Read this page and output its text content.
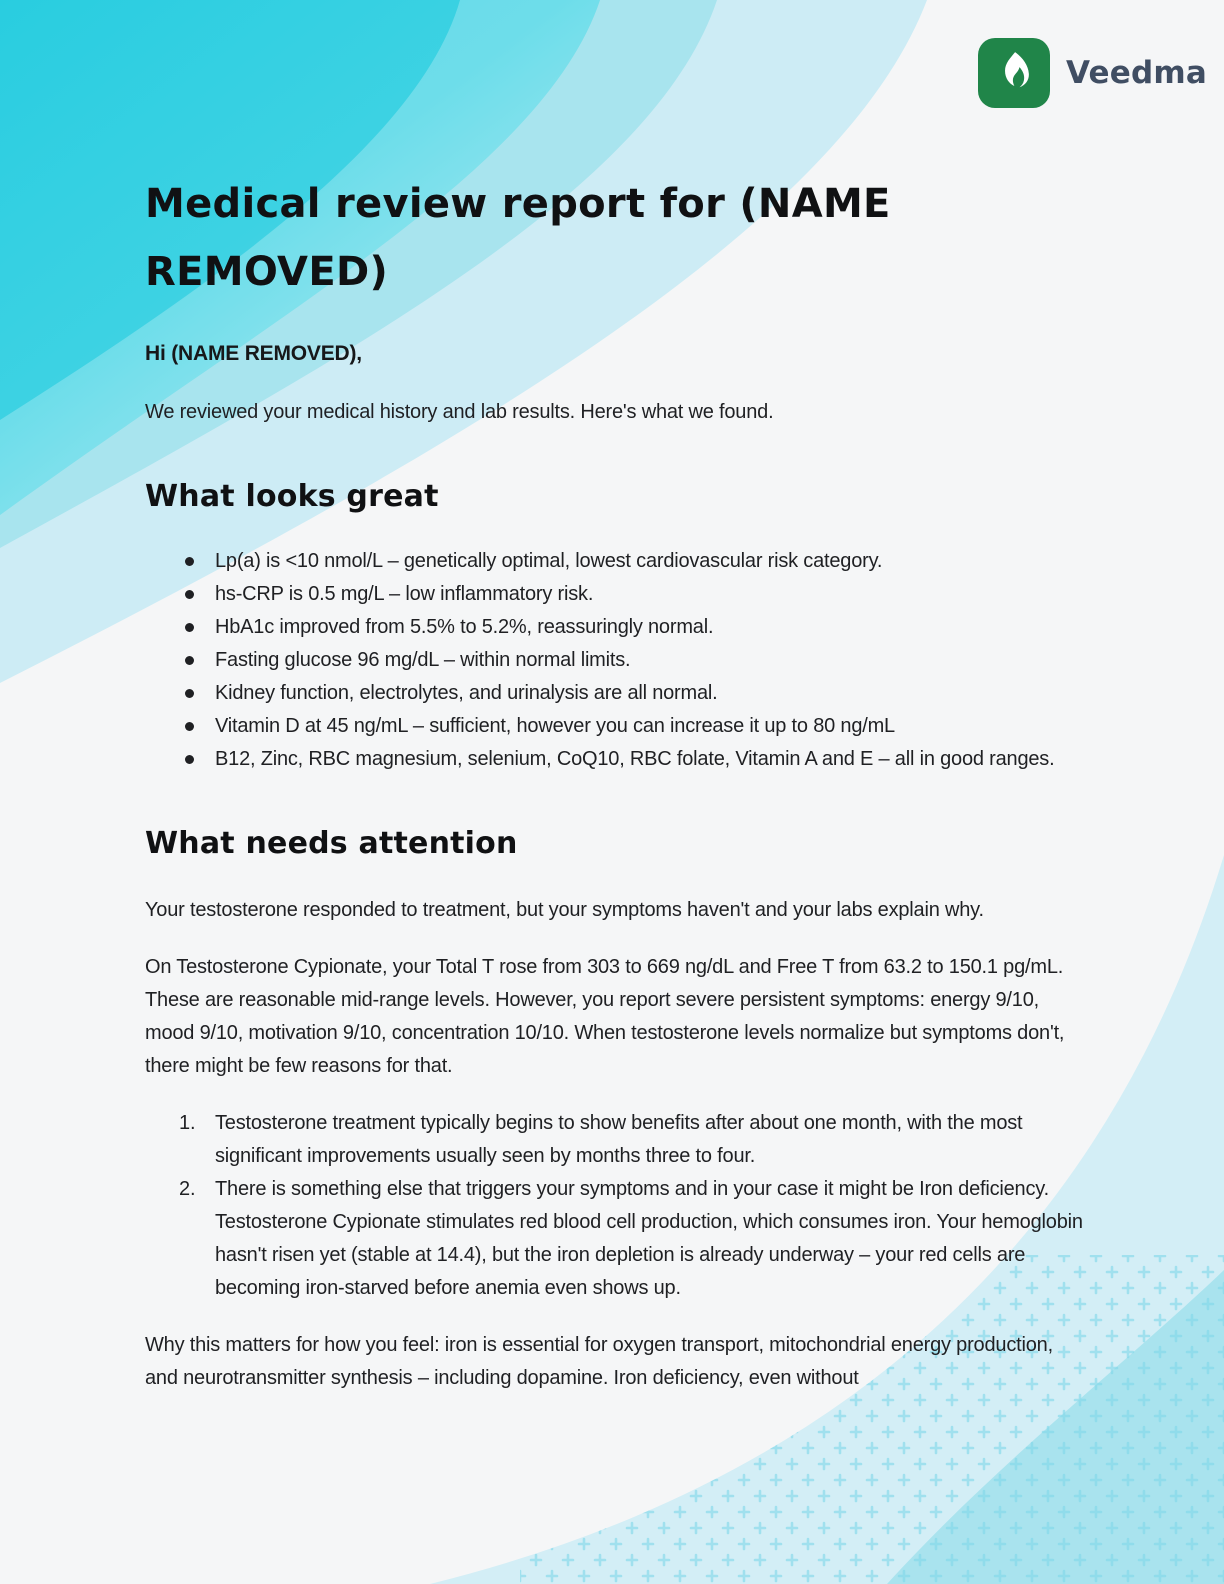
Veedma
Medical review report for (NAME
REMOVED)

Hi (NAME REMOVED),

We reviewed your medical history and lab results. Here's what we found.

What looks great
Lp(a) is <10 nmol/L – genetically optimal, lowest cardiovascular risk category.
hs-CRP is 0.5 mg/L – low inflammatory risk.
HbA1c improved from 5.5% to 5.2%, reassuringly normal.
Fasting glucose 96 mg/dL – within normal limits.
Kidney function, electrolytes, and urinalysis are all normal.
Vitamin D at 45 ng/mL – sufficient, however you can increase it up to 80 ng/mL
B12, Zinc, RBC magnesium, selenium, CoQ10, RBC folate, Vitamin A and E – all in good ranges.
What needs attention

Your testosterone responded to treatment, but your symptoms haven't and your labs explain why.

On Testosterone Cypionate, your Total T rose from 303 to 669 ng/dL and Free T from 63.2 to 150.1 pg/mL. These are reasonable mid-range levels. However, you report severe persistent symptoms: energy 9/10, mood 9/10, motivation 9/10, concentration 10/10. When testosterone levels normalize but symptoms don't, there might be few reasons for that.

Testosterone treatment typically begins to show benefits after about one month, with the most significant improvements usually seen by months three to four.
There is something else that triggers your symptoms and in your case it might be Iron deficiency. Testosterone Cypionate stimulates red blood cell production, which consumes iron. Your hemoglobin hasn't risen yet (stable at 14.4), but the iron depletion is already underway – your red cells are becoming iron-starved before anemia even shows up.

Why this matters for how you feel: iron is essential for oxygen transport, mitochondrial energy production, and neurotransmitter synthesis – including dopamine. Iron deficiency, even without
